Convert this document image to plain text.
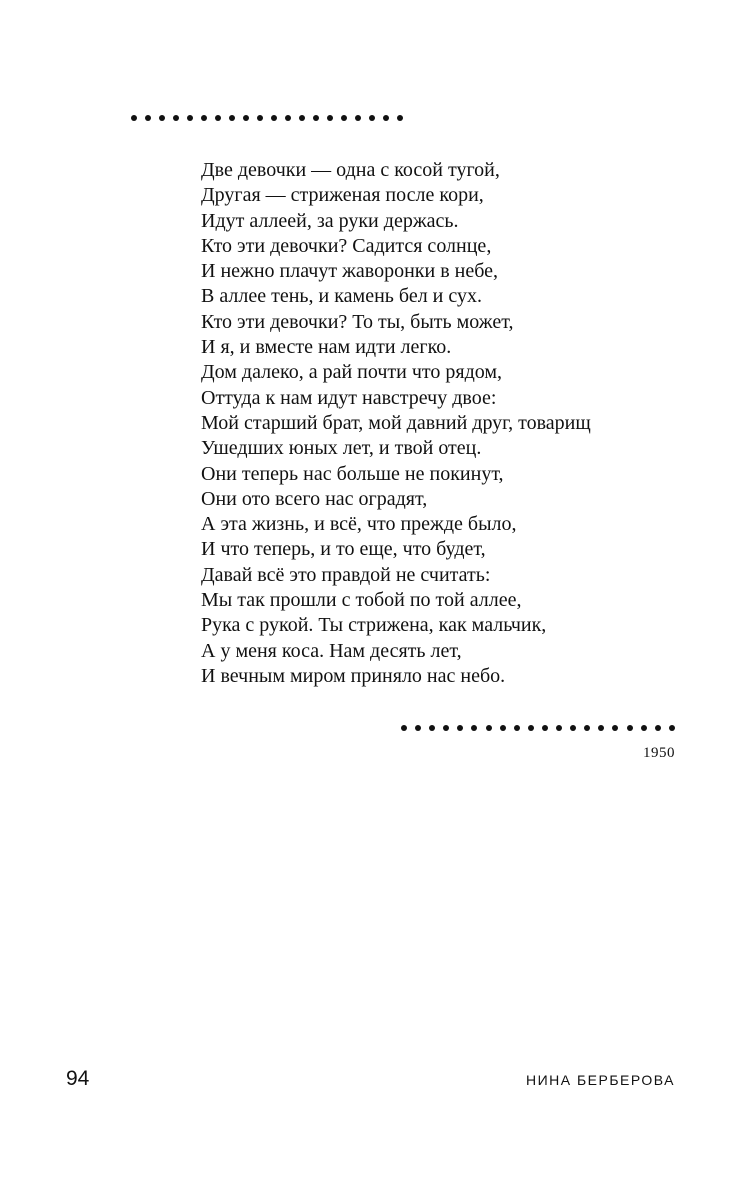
Две девочки — одна с косой тугой,
Другая — стриженая после кори,
Идут аллеей, за руки держась.
Кто эти девочки? Садится солнце,
И нежно плачут жаворонки в небе,
В аллее тень, и камень бел и сух.
Кто эти девочки? То ты, быть может,
И я, и вместе нам идти легко.
Дом далеко, а рай почти что рядом,
Оттуда к нам идут навстречу двое:
Мой старший брат, мой давний друг, товарищ
Ушедших юных лет, и твой отец.
Они теперь нас больше не покинут,
Они ото всего нас оградят,
А эта жизнь, и всё, что прежде было,
И что теперь, и то еще, что будет,
Давай всё это правдой не считать:
Мы так прошли с тобой по той аллее,
Рука с рукой. Ты стрижена, как мальчик,
А у меня коса. Нам десять лет,
И вечным миром приняло нас небо.
1950
94	НИНА БЕРБЕРОВА
